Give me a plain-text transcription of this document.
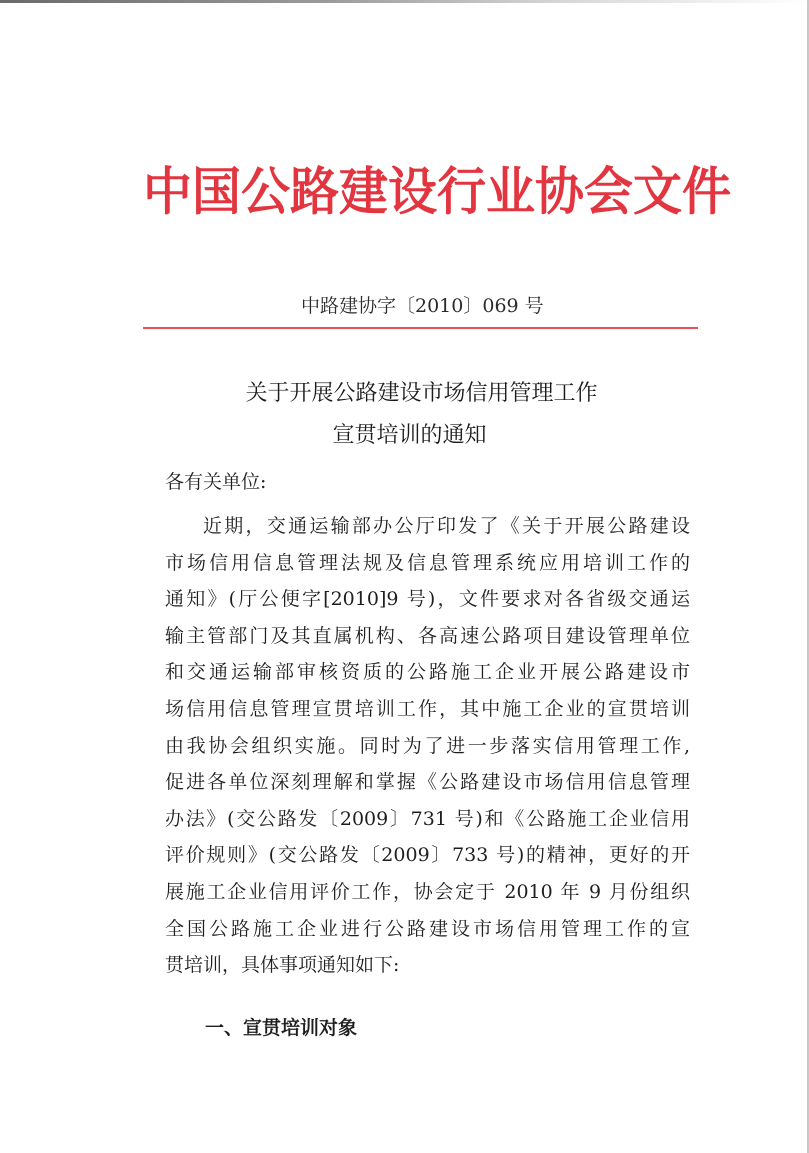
中国公路建设行业协会文件
中路建协字〔2010〕069 号
关于开展公路建设市场信用管理工作
宣贯培训的通知
各有关单位:
近期，交通运输部办公厅印发了《关于开展公路建设
市场信用信息管理法规及信息管理系统应用培训工作的
通知》(厅公便字[2010]9 号)，文件要求对各省级交通运
输主管部门及其直属机构、各高速公路项目建设管理单位
和交通运输部审核资质的公路施工企业开展公路建设市
场信用信息管理宣贯培训工作，其中施工企业的宣贯培训
由我协会组织实施。同时为了进一步落实信用管理工作,
促进各单位深刻理解和掌握《公路建设市场信用信息管理
办法》(交公路发〔2009〕731 号)和《公路施工企业信用
评价规则》(交公路发〔2009〕733 号)的精神，更好的开
展施工企业信用评价工作，协会定于 2010 年 9 月份组织
全国公路施工企业进行公路建设市场信用管理工作的宣
贯培训，具体事项通知如下:
一、宣贯培训对象
